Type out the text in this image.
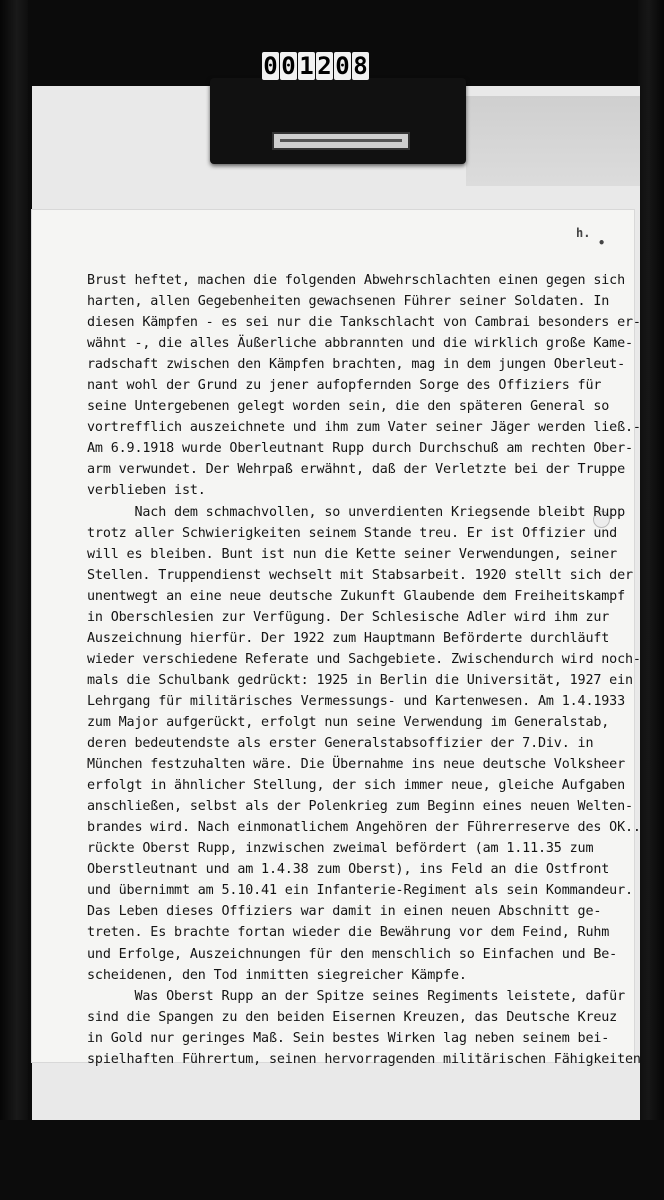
0 0 1 2 0 8
h.
•
Brust heftet, machen die folgenden Abwehrschlachten einen gegen sich
harten, allen Gegebenheiten gewachsenen Führer seiner Soldaten. In
diesen Kämpfen - es sei nur die Tankschlacht von Cambrai besonders er-
wähnt -, die alles Äußerliche abbrannten und die wirklich große Kame-
radschaft zwischen den Kämpfen brachten, mag in dem jungen Oberleut-
nant wohl der Grund zu jener aufopfernden Sorge des Offiziers für
seine Untergebenen gelegt worden sein, die den späteren General so
vortrefflich auszeichnete und ihm zum Vater seiner Jäger werden ließ.-
Am 6.9.1918 wurde Oberleutnant Rupp durch Durchschuß am rechten Ober-
arm verwundet. Der Wehrpaß erwähnt, daß der Verletzte bei der Truppe
verblieben ist.
Nach dem schmachvollen, so unverdienten Kriegsende bleibt Rupp
trotz aller Schwierigkeiten seinem Stande treu. Er ist Offizier und
will es bleiben. Bunt ist nun die Kette seiner Verwendungen, seiner
Stellen. Truppendienst wechselt mit Stabsarbeit. 1920 stellt sich der
unentwegt an eine neue deutsche Zukunft Glaubende dem Freiheitskampf
in Oberschlesien zur Verfügung. Der Schlesische Adler wird ihm zur
Auszeichnung hierfür. Der 1922 zum Hauptmann Beförderte durchläuft
wieder verschiedene Referate und Sachgebiete. Zwischendurch wird noch-
mals die Schulbank gedrückt: 1925 in Berlin die Universität, 1927 ein
Lehrgang für militärisches Vermessungs- und Kartenwesen. Am 1.4.1933
zum Major aufgerückt, erfolgt nun seine Verwendung im Generalstab,
deren bedeutendste als erster Generalstabsoffizier der 7.Div. in
München festzuhalten wäre. Die Übernahme ins neue deutsche Volksheer
erfolgt in ähnlicher Stellung, der sich immer neue, gleiche Aufgaben
anschließen, selbst als der Polenkrieg zum Beginn eines neuen Welten-
brandes wird. Nach einmonatlichem Angehören der Führerreserve des OK..
rückte Oberst Rupp, inzwischen zweimal befördert (am 1.11.35 zum
Oberstleutnant und am 1.4.38 zum Oberst), ins Feld an die Ostfront
und übernimmt am 5.10.41 ein Infanterie-Regiment als sein Kommandeur.
Das Leben dieses Offiziers war damit in einen neuen Abschnitt ge-
treten. Es brachte fortan wieder die Bewährung vor dem Feind, Ruhm
und Erfolge, Auszeichnungen für den menschlich so Einfachen und Be-
scheidenen, den Tod inmitten siegreicher Kämpfe.
Was Oberst Rupp an der Spitze seines Regiments leistete, dafür
sind die Spangen zu den beiden Eisernen Kreuzen, das Deutsche Kreuz
in Gold nur geringes Maß. Sein bestes Wirken lag neben seinem bei-
spielhaften Führertum, seinen hervorragenden militärischen Fähigkeiten,
